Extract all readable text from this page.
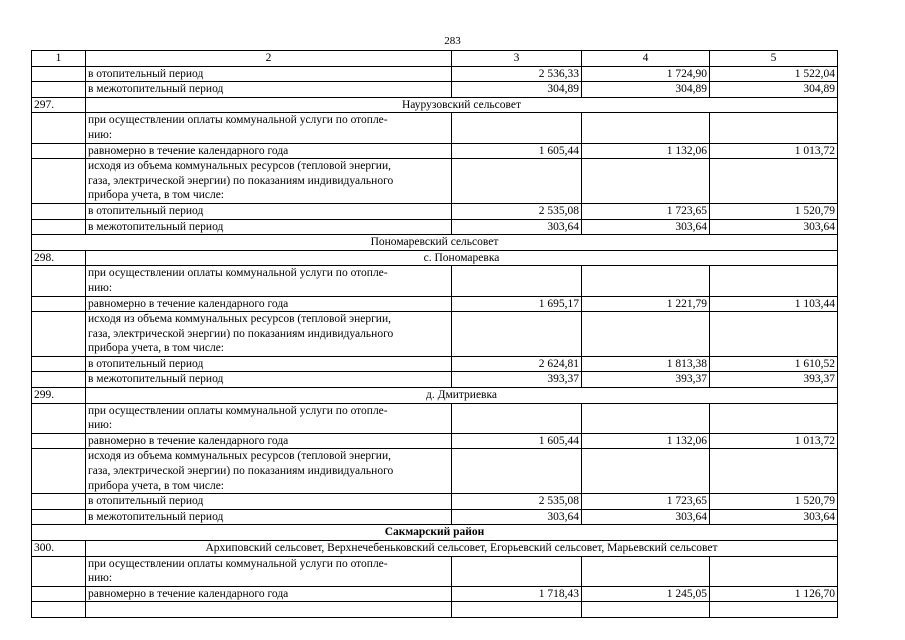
283
1	2	3	4	5
	в отопительный период	2 536,33	1 724,90	1 522,04
	в межотопительный период	304,89	304,89	304,89
297.	Наурузовский сельсовет			

	при осуществлении оплаты коммунальной услуги по отопле-
нию:			

	равномерно в течение календарного года	1 605,44	1 132,06	1 013,72

	исходя из объема коммунальных ресурсов (тепловой энергии,
газа, электрической энергии) по показаниям индивидуального
прибора учета, в том числе:			

	в отопительный период	2 535,08	1 723,65	1 520,79
	в межотопительный период	303,64	303,64	303,64
Пономаревский сельсовет				
298.	с. Пономаревка			

	при осуществлении оплаты коммунальной услуги по отопле-
нию:			

	равномерно в течение календарного года	1 695,17	1 221,79	1 103,44

	исходя из объема коммунальных ресурсов (тепловой энергии,
газа, электрической энергии) по показаниям индивидуального
прибора учета, в том числе:			

	в отопительный период	2 624,81	1 813,38	1 610,52
	в межотопительный период	393,37	393,37	393,37
299.	д. Дмитриевка			

	при осуществлении оплаты коммунальной услуги по отопле-
нию:			

	равномерно в течение календарного года	1 605,44	1 132,06	1 013,72

	исходя из объема коммунальных ресурсов (тепловой энергии,
газа, электрической энергии) по показаниям индивидуального
прибора учета, в том числе:			

	в отопительный период	2 535,08	1 723,65	1 520,79
	в межотопительный период	303,64	303,64	303,64
Сакмарский район				
300.	Архиповский сельсовет, Верхнечебеньковский сельсовет, Егорьевский сельсовет, Марьевский сельсовет			

	при осуществлении оплаты коммунальной услуги по отопле-
нию:			

	равномерно в течение календарного года	1 718,43	1 245,05	1 126,70
